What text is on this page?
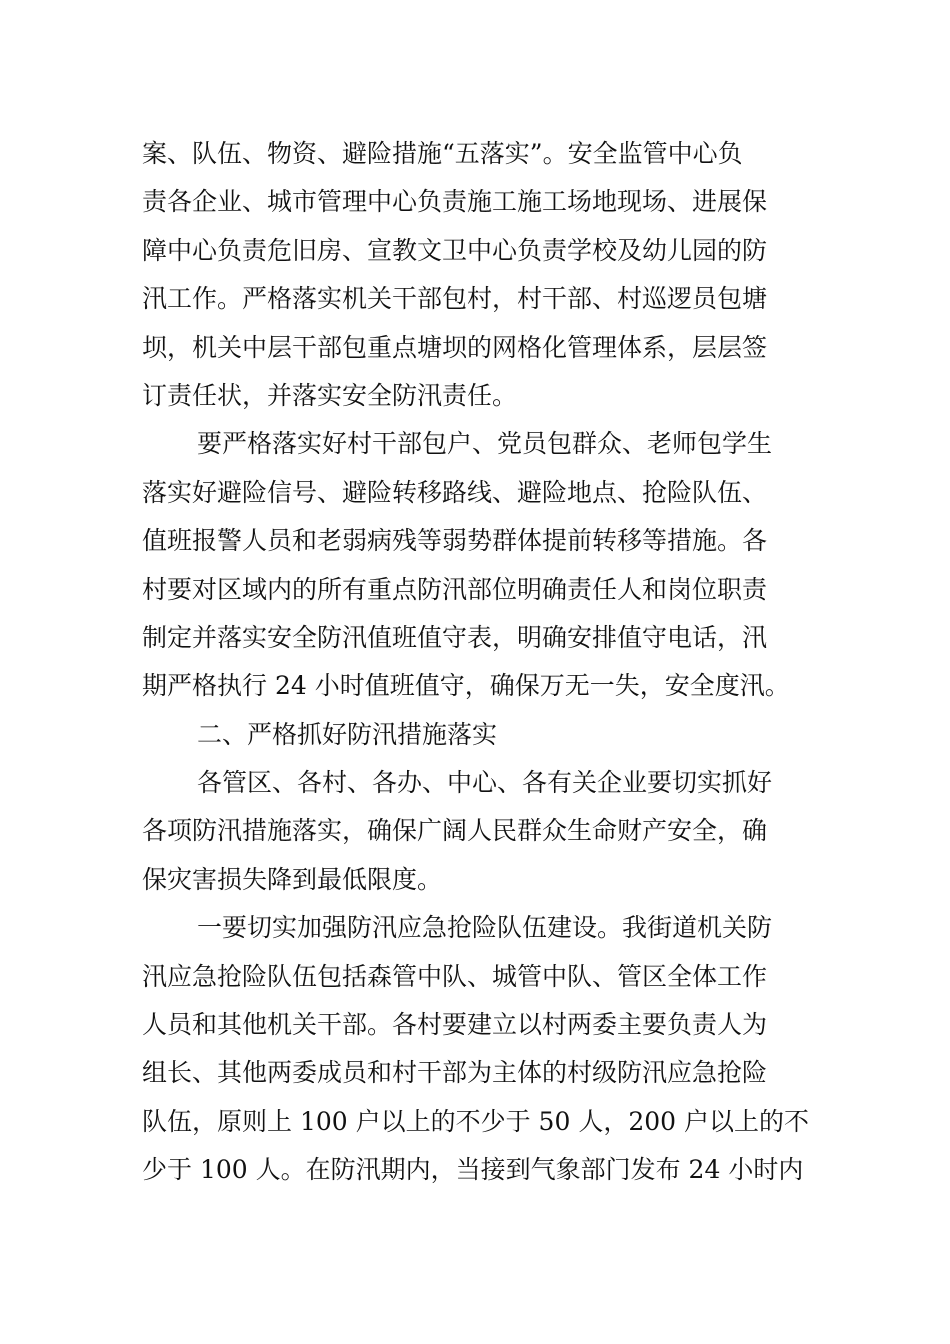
案、队伍、物资、避险措施“五落实”。安全监管中心负
责各企业、城市管理中心负责施工施工场地现场、进展保
障中心负责危旧房、宣教文卫中心负责学校及幼儿园的防
汛工作。严格落实机关干部包村，村干部、村巡逻员包塘
坝，机关中层干部包重点塘坝的网格化管理体系，层层签
订责任状，并落实安全防汛责任。
要严格落实好村干部包户、党员包群众、老师包学生
落实好避险信号、避险转移路线、避险地点、抢险队伍、
值班报警人员和老弱病残等弱势群体提前转移等措施。各
村要对区域内的所有重点防汛部位明确责任人和岗位职责
制定并落实安全防汛值班值守表，明确安排值守电话，汛
期严格执行 24 小时值班值守，确保万无一失，安全度汛。
二、严格抓好防汛措施落实
各管区、各村、各办、中心、各有关企业要切实抓好
各项防汛措施落实，确保广阔人民群众生命财产安全，确
保灾害损失降到最低限度。
一要切实加强防汛应急抢险队伍建设。我街道机关防
汛应急抢险队伍包括森管中队、城管中队、管区全体工作
人员和其他机关干部。各村要建立以村两委主要负责人为
组长、其他两委成员和村干部为主体的村级防汛应急抢险
队伍，原则上 100 户以上的不少于 50 人，200 户以上的不
少于 100 人。在防汛期内，当接到气象部门发布 24 小时内
